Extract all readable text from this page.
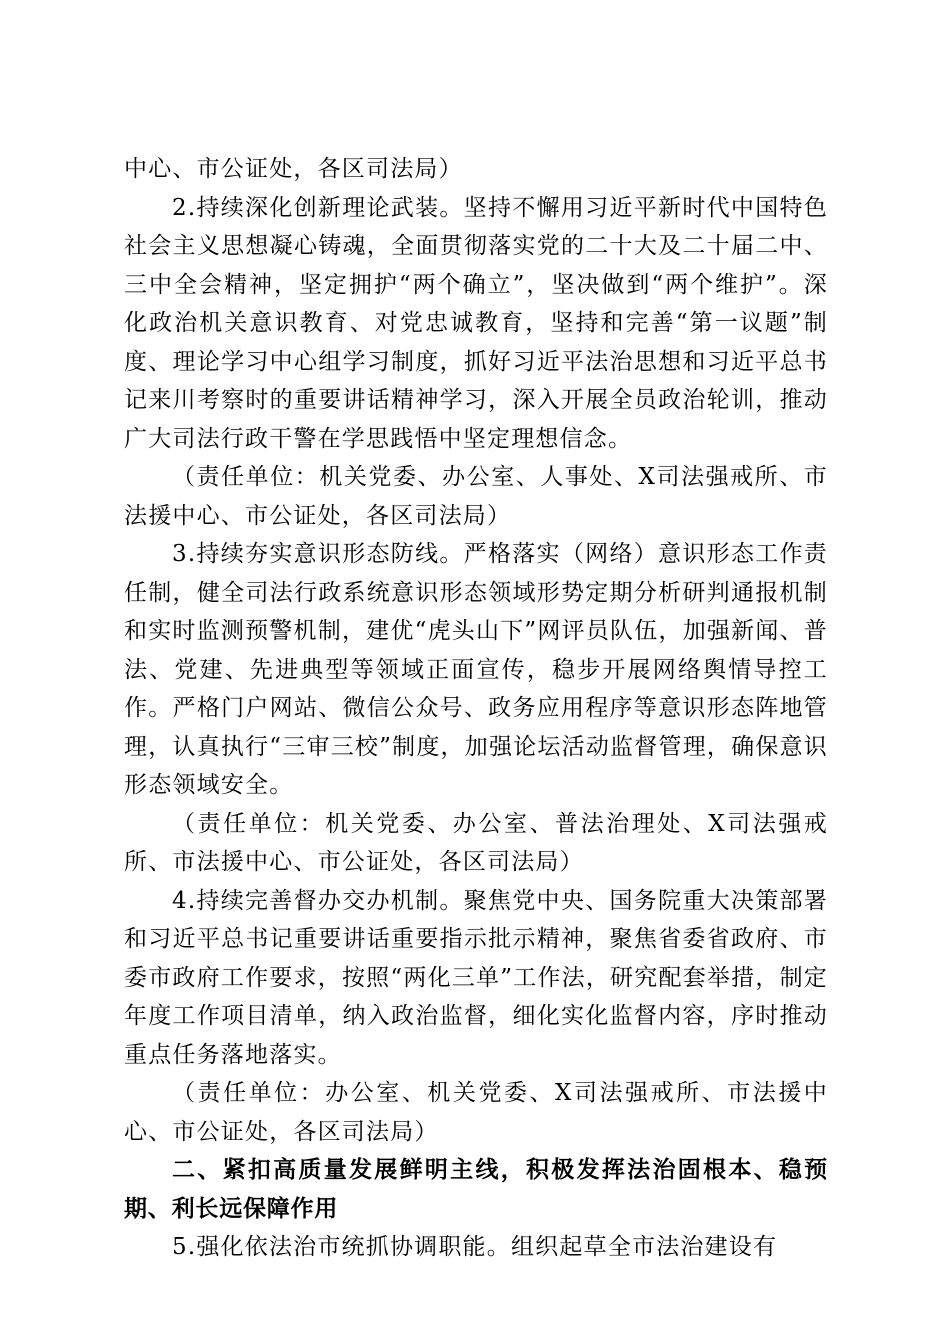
中心、市公证处，各区司法局）

2.持续深化创新理论武装。坚持不懈用习近平新时代中国特色社会主义思想凝心铸魂，全面贯彻落实党的二十大及二十届二中、三中全会精神，坚定拥护“两个确立”，坚决做到“两个维护”。深化政治机关意识教育、对党忠诚教育，坚持和完善“第一议题”制度、理论学习中心组学习制度，抓好习近平法治思想和习近平总书记来川考察时的重要讲话精神学习，深入开展全员政治轮训，推动广大司法行政干警在学思践悟中坚定理想信念。

（责任单位：机关党委、办公室、人事处、X司法强戒所、市法援中心、市公证处，各区司法局）

3.持续夯实意识形态防线。严格落实（网络）意识形态工作责任制，健全司法行政系统意识形态领域形势定期分析研判通报机制和实时监测预警机制，建优“虎头山下”网评员队伍，加强新闻、普法、党建、先进典型等领域正面宣传，稳步开展网络舆情导控工作。严格门户网站、微信公众号、政务应用程序等意识形态阵地管理，认真执行“三审三校”制度，加强论坛活动监督管理，确保意识形态领域安全。

（责任单位：机关党委、办公室、普法治理处、X司法强戒所、市法援中心、市公证处，各区司法局）

4.持续完善督办交办机制。聚焦党中央、国务院重大决策部署和习近平总书记重要讲话重要指示批示精神，聚焦省委省政府、市委市政府工作要求，按照“两化三单”工作法，研究配套举措，制定年度工作项目清单，纳入政治监督，细化实化监督内容，序时推动重点任务落地落实。

（责任单位：办公室、机关党委、X司法强戒所、市法援中心、市公证处，各区司法局）

二、紧扣高质量发展鲜明主线，积极发挥法治固根本、稳预期、利长远保障作用

5.强化依法治市统抓协调职能。组织起草全市法治建设有
